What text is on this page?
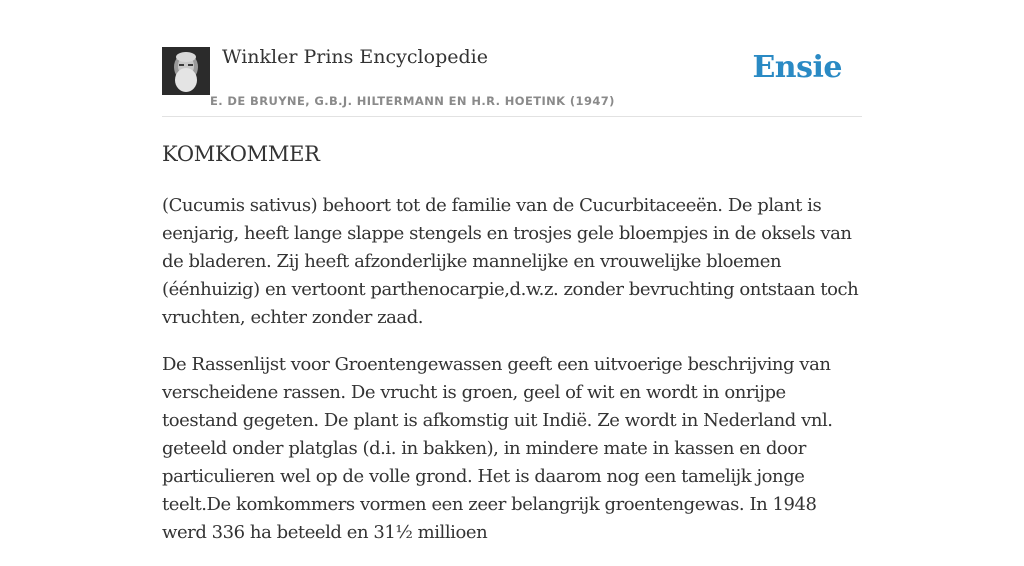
Winkler Prins Encyclopedie
E. DE BRUYNE, G.B.J. HILTERMANN EN H.R. HOETINK (1947)
Ensie
KOMKOMMER

(Cucumis sativus) behoort tot de familie van de Cucurbitaceeën. De plant is eenjarig, heeft lange slappe stengels en trosjes gele bloempjes in de oksels van de bladeren. Zij heeft afzonderlijke mannelijke en vrouwelijke bloemen (éénhuizig) en vertoont parthenocarpie,d.w.z. zonder bevruchting ontstaan toch vruchten, echter zonder zaad.

De Rassenlijst voor Groentengewassen geeft een uitvoerige beschrijving van verscheidene rassen. De vrucht is groen, geel of wit en wordt in onrijpe toestand gegeten. De plant is afkomstig uit Indië. Ze wordt in Nederland vnl. geteeld onder platglas (d.i. in bakken), in mindere mate in kassen en door particulieren wel op de volle grond. Het is daarom nog een tamelijk jonge teelt.De komkommers vormen een zeer belangrijk groentengewas. In 1948 werd 336 ha beteeld en 31½ millioen
